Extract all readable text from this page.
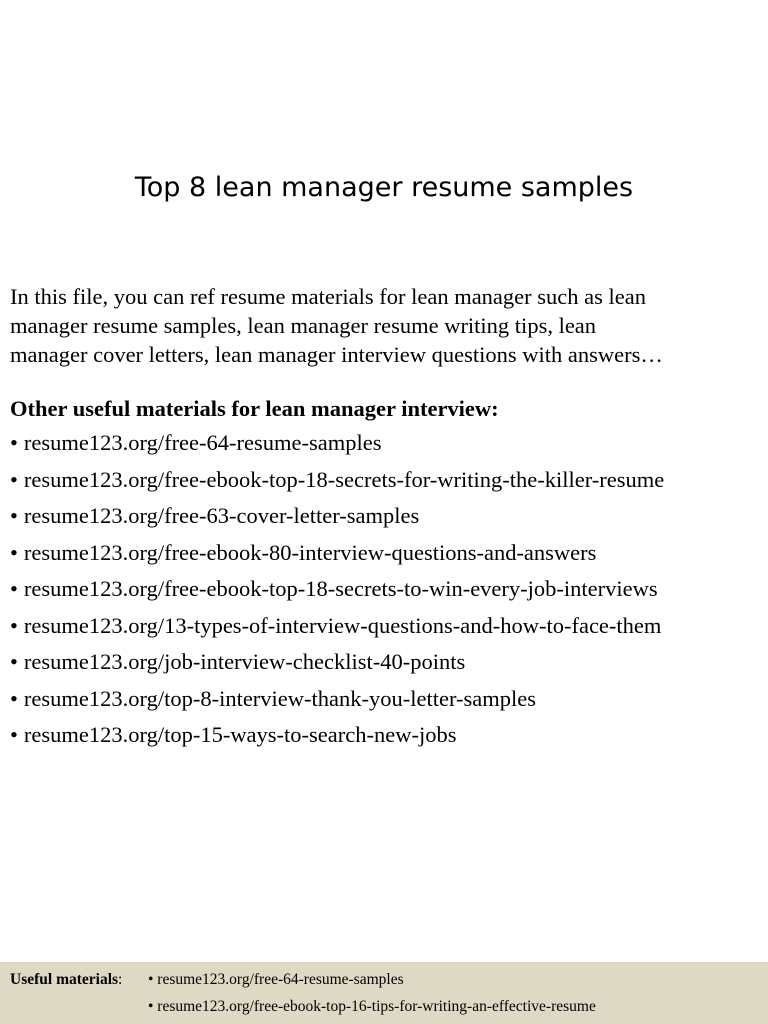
Top 8 lean manager resume samples

In this file, you can ref resume materials for lean manager such as lean
manager resume samples, lean manager resume writing tips, lean
manager cover letters, lean manager interview questions with answers…

Other useful materials for lean manager interview:
• resume123.org/free-64-resume-samples
• resume123.org/free-ebook-top-18-secrets-for-writing-the-killer-resume
• resume123.org/free-63-cover-letter-samples
• resume123.org/free-ebook-80-interview-questions-and-answers
• resume123.org/free-ebook-top-18-secrets-to-win-every-job-interviews
• resume123.org/13-types-of-interview-questions-and-how-to-face-them
• resume123.org/job-interview-checklist-40-points
• resume123.org/top-8-interview-thank-you-letter-samples
• resume123.org/top-15-ways-to-search-new-jobs
Useful materials: • resume123.org/free-64-resume-samples
• resume123.org/free-ebook-top-16-tips-for-writing-an-effective-resume
